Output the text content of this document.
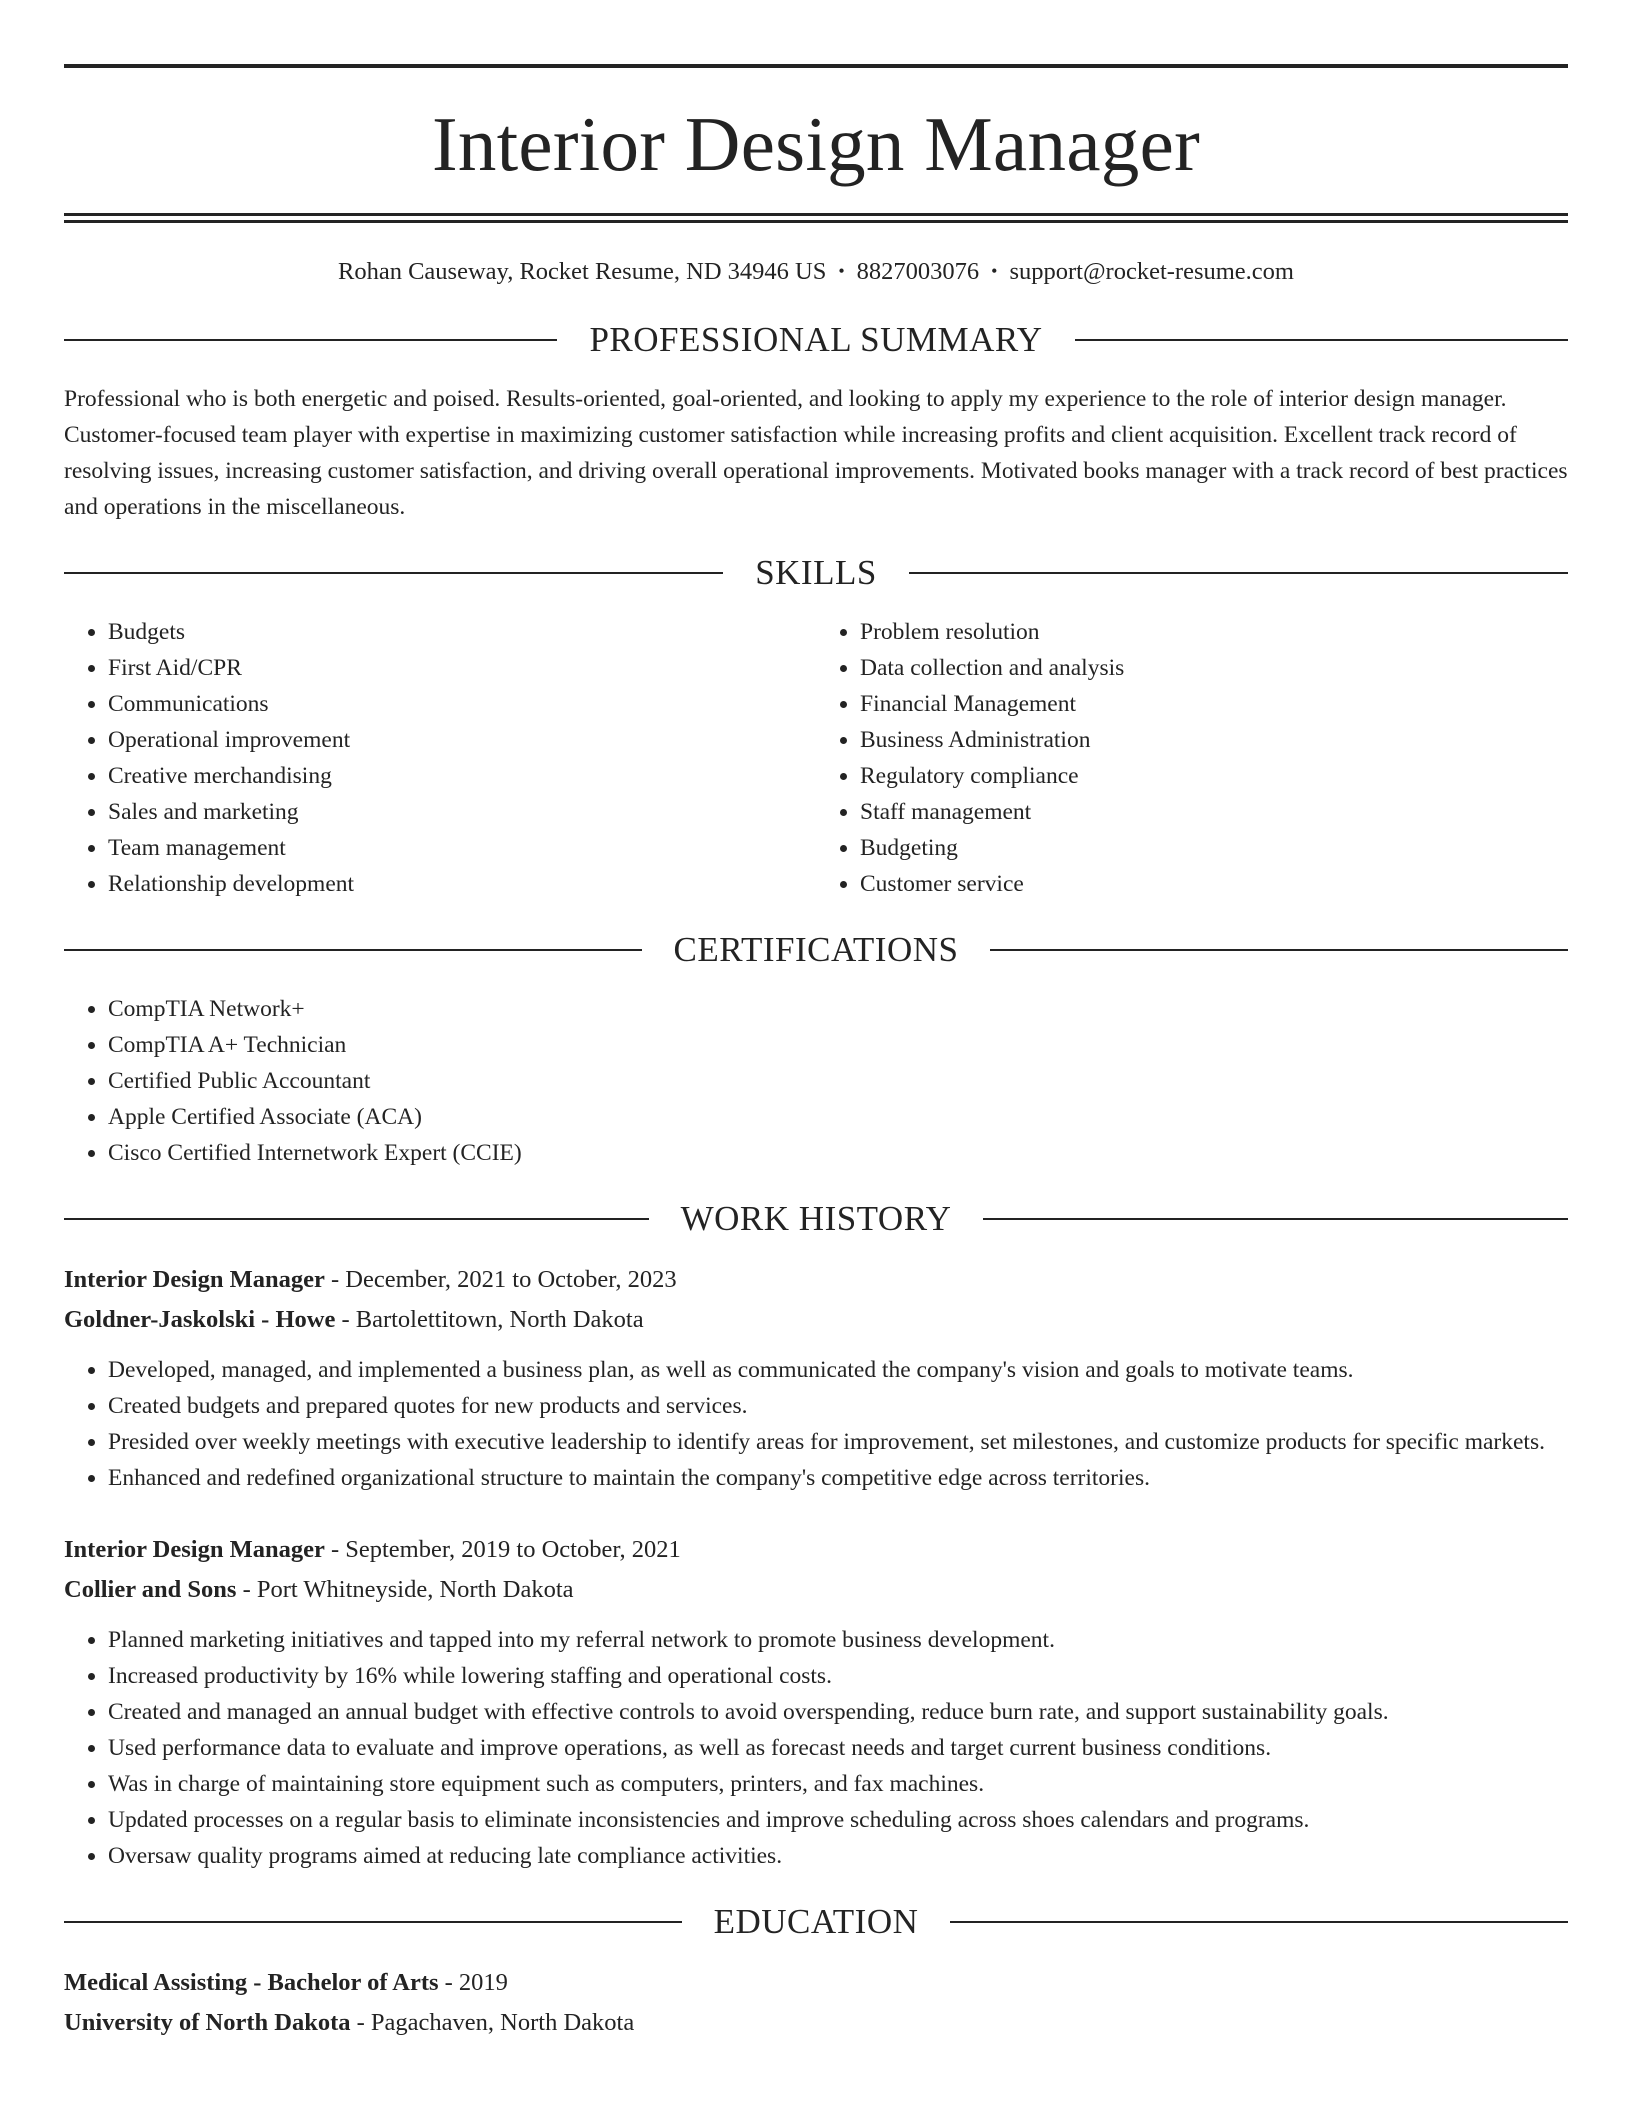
Interior Design Manager
Rohan Causeway, Rocket Resume, ND 34946 US • 8827003076 • support@rocket-resume.com
PROFESSIONAL SUMMARY
Professional who is both energetic and poised. Results-oriented, goal-oriented, and looking to apply my experience to the role of interior design manager. Customer-focused team player with expertise in maximizing customer satisfaction while increasing profits and client acquisition. Excellent track record of resolving issues, increasing customer satisfaction, and driving overall operational improvements. Motivated books manager with a track record of best practices and operations in the miscellaneous.
SKILLS
• Budgets
• First Aid/CPR
• Communications
• Operational improvement
• Creative merchandising
• Sales and marketing
• Team management
• Relationship development
• Problem resolution
• Data collection and analysis
• Financial Management
• Business Administration
• Regulatory compliance
• Staff management
• Budgeting
• Customer service
CERTIFICATIONS
• CompTIA Network+
• CompTIA A+ Technician
• Certified Public Accountant
• Apple Certified Associate (ACA)
• Cisco Certified Internetwork Expert (CCIE)
WORK HISTORY
Interior Design Manager - December, 2021 to October, 2023
Goldner-Jaskolski - Howe - Bartolettitown, North Dakota
• Developed, managed, and implemented a business plan, as well as communicated the company's vision and goals to motivate teams.
• Created budgets and prepared quotes for new products and services.
• Presided over weekly meetings with executive leadership to identify areas for improvement, set milestones, and customize products for specific markets.
• Enhanced and redefined organizational structure to maintain the company's competitive edge across territories.
Interior Design Manager - September, 2019 to October, 2021
Collier and Sons - Port Whitneyside, North Dakota
• Planned marketing initiatives and tapped into my referral network to promote business development.
• Increased productivity by 16% while lowering staffing and operational costs.
• Created and managed an annual budget with effective controls to avoid overspending, reduce burn rate, and support sustainability goals.
• Used performance data to evaluate and improve operations, as well as forecast needs and target current business conditions.
• Was in charge of maintaining store equipment such as computers, printers, and fax machines.
• Updated processes on a regular basis to eliminate inconsistencies and improve scheduling across shoes calendars and programs.
• Oversaw quality programs aimed at reducing late compliance activities.
EDUCATION
Medical Assisting - Bachelor of Arts - 2019
University of North Dakota - Pagachaven, North Dakota
